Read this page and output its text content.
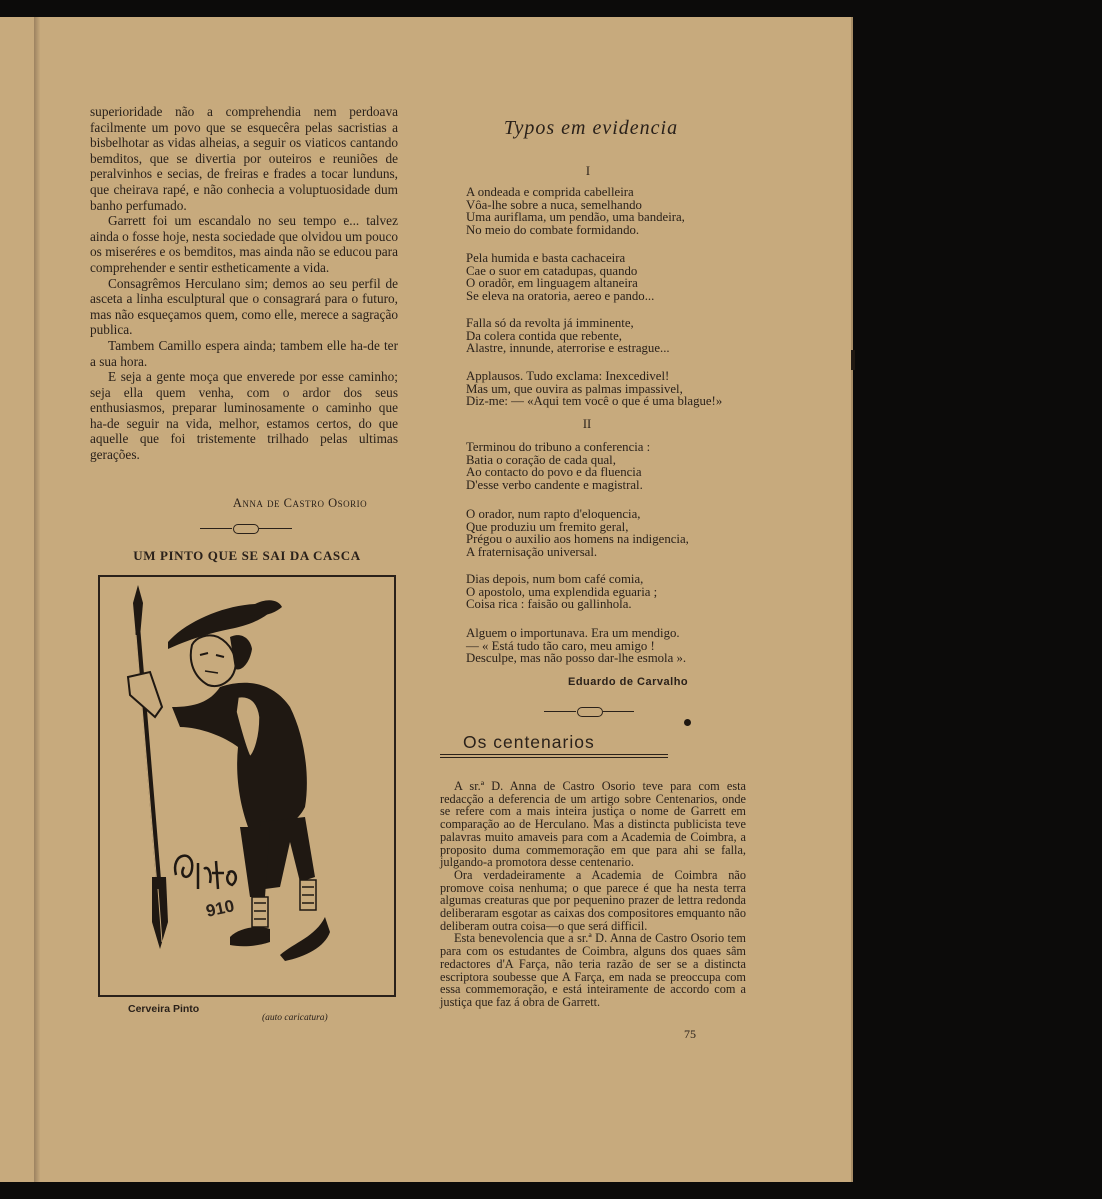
superioridade não a comprehendia nem perdoava facilmente um povo que se esquecêra pelas sacristias a bisbelhotar as vidas alheias, a seguir os viaticos cantando bemditos, que se divertia por outeiros e reuniões de peralvinhos e secias, de freiras e frades a tocar lunduns, que cheirava rapé, e não conhecia a voluptuosidade dum banho perfumado.

Garrett foi um escandalo no seu tempo e... talvez ainda o fosse hoje, nesta sociedade que olvidou um pouco os miseréres e os bemditos, mas ainda não se educou para comprehender e sentir estheticamente a vida.

Consagrêmos Herculano sim; demos ao seu perfil de asceta a linha esculptural que o consagrará para o futuro, mas não esqueçamos quem, como elle, merece a sagração publica.

Tambem Camillo espera ainda; tambem elle ha-de ter a sua hora.

E seja a gente moça que enverede por esse caminho; seja ella quem venha, com o ardor dos seus enthusiasmos, preparar luminosamente o caminho que ha-de seguir na vida, melhor, estamos certos, do que aquelle que foi tristemente trilhado pelas ultimas gerações.

Anna de Castro Osorio
UM PINTO QUE SE SAI DA CASCA
Pinto
910
Cerveira Pinto
(auto caricatura)
Typos em evidencia
I
A ondeada e comprida cabelleira
Vôa-lhe sobre a nuca, semelhando
Uma auriflama, um pendão, uma bandeira,
No meio do combate formidando.
Pela humida e basta cachaceira
Cae o suor em catadupas, quando
O oradôr, em linguagem altaneira
Se eleva na oratoria, aereo e pando...
Falla só da revolta já imminente,
Da colera contida que rebente,
Alastre, innunde, aterrorise e estrague...
Applausos. Tudo exclama: Inexcedivel!
Mas um, que ouvira as palmas impassivel,
Diz-me: — «Aqui tem você o que é uma blague!»
II
Terminou do tribuno a conferencia :
Batia o coração de cada qual,
Ao contacto do povo e da fluencia
D'esse verbo candente e magistral.
O orador, num rapto d'eloquencia,
Que produziu um fremito geral,
Prégou o auxilio aos homens na indigencia,
A fraternisação universal.
Dias depois, num bom café comia,
O apostolo, uma explendida eguaria ;
Coisa rica : faisão ou gallinhola.
Alguem o importunava. Era um mendigo.
— « Está tudo tão caro, meu amigo !
Desculpe, mas não posso dar-lhe esmola ».
Eduardo de Carvalho
Os centenarios

A sr.ª D. Anna de Castro Osorio teve para com esta redacção a deferencia de um artigo sobre Centenarios, onde se refere com a mais inteira justiça o nome de Garrett em comparação ao de Herculano. Mas a distincta publicista teve palavras muito amaveis para com a Academia de Coimbra, a proposito duma commemoração em que para ahi se falla, julgando-a promotora desse centenario.

Ora verdadeiramente a Academia de Coimbra não promove coisa nenhuma; o que parece é que ha nesta terra algumas creaturas que por pequenino prazer de lettra redonda deliberaram esgotar as caixas dos compositores emquanto não deliberam outra coisa—o que será difficil.

Esta benevolencia que a sr.ª D. Anna de Castro Osorio tem para com os estudantes de Coimbra, alguns dos quaes sâm redactores d'A Farça, não teria razão de ser se a distincta escriptora soubesse que A Farça, em nada se preoccupa com essa commemoração, e está inteiramente de accordo com a justiça que faz á obra de Garrett.

75
